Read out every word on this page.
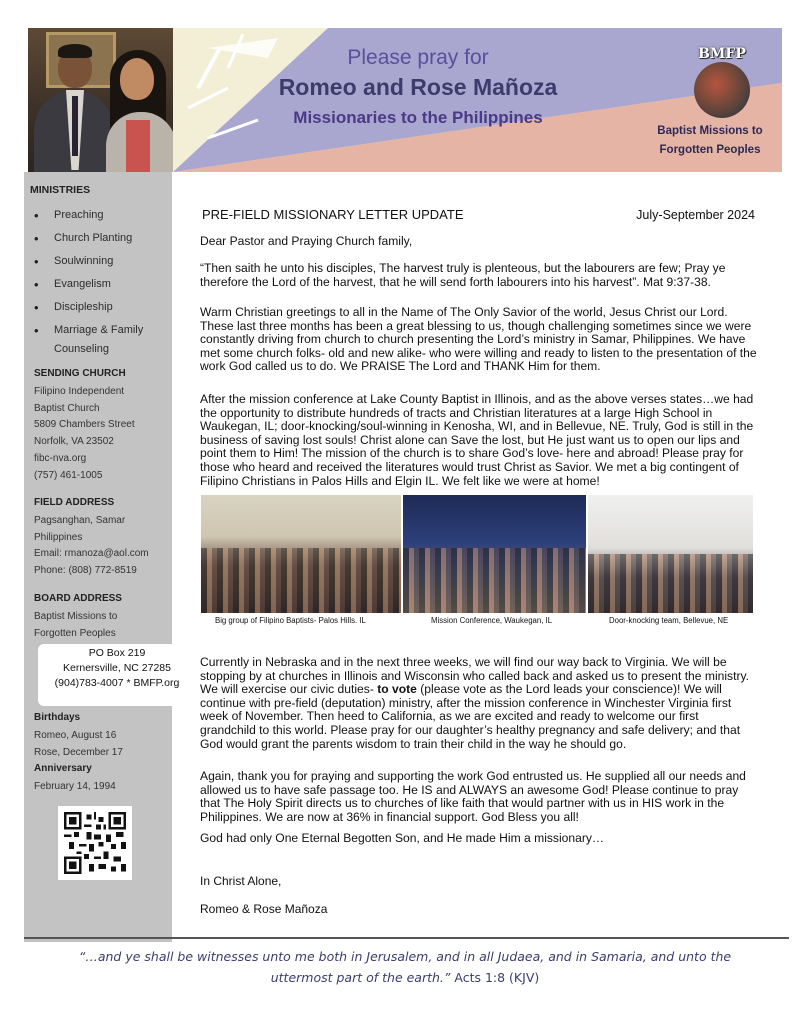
Please pray for
Romeo and Rose Mañoza
Missionaries to the Philippines
BMFP
Baptist Missions to
Forgotten Peoples
MINISTRIES
• Preaching
• Church Planting
• Soulwinning
• Evangelism
• Discipleship
• Marriage & Family Counseling
SENDING CHURCH
Filipino Independent
Baptist Church
5809 Chambers Street
Norfolk, VA 23502
fibc-nva.org
(757) 461-1005
FIELD ADDRESS
Pagsanghan, Samar
Philippines
Email: rmanoza@aol.com
Phone: (808) 772-8519
BOARD ADDRESS
Baptist Missions to
Forgotten Peoples
PO Box 219
Kernersville, NC 27285
(904)783-4007 * BMFP.org
Birthdays
Romeo, August 16
Rose, December 17
Anniversary
February 14, 1994
PRE-FIELD MISSIONARY LETTER UPDATE	July-September 2024
Dear Pastor and Praying Church family,
“Then saith he unto his disciples, The harvest truly is plenteous, but the labourers are few; Pray ye therefore the Lord of the harvest, that he will send forth labourers into his harvest”. Mat 9:37-38.
Warm Christian greetings to all in the Name of The Only Savior of the world, Jesus Christ our Lord. These last three months has been a great blessing to us, though challenging sometimes since we were constantly driving from church to church presenting the Lord’s ministry in Samar, Philippines. We have met some church folks- old and new alike- who were willing and ready to listen to the presentation of the work God called us to do. We PRAISE The Lord and THANK Him for them.
After the mission conference at Lake County Baptist in Illinois, and as the above verses states…we had the opportunity to distribute hundreds of tracts and Christian literatures at a large High School in Waukegan, IL; door-knocking/soul-winning in Kenosha, WI, and in Bellevue, NE. Truly, God is still in the business of saving lost souls! Christ alone can Save the lost, but He just want us to open our lips and point them to Him! The mission of the church is to share God’s love- here and abroad! Please pray for those who heard and received the literatures would trust Christ as Savior. We met a big contingent of Filipino Christians in Palos Hills and Elgin IL. We felt like we were at home!
Big group of Filipino Baptists- Palos Hills. IL	Mission Conference, Waukegan, IL	Door-knocking team, Bellevue, NE
Currently in Nebraska and in the next three weeks, we will find our way back to Virginia. We will be stopping by at churches in Illinois and Wisconsin who called back and asked us to present the ministry. We will exercise our civic duties- to vote (please vote as the Lord leads your conscience)! We will continue with pre-field (deputation) ministry, after the mission conference in Winchester Virginia first week of November. Then heed to California, as we are excited and ready to welcome our first grandchild to this world. Please pray for our daughter’s healthy pregnancy and safe delivery; and that God would grant the parents wisdom to train their child in the way he should go.
Again, thank you for praying and supporting the work God entrusted us. He supplied all our needs and allowed us to have safe passage too. He IS and ALWAYS an awesome God! Please continue to pray that The Holy Spirit directs us to churches of like faith that would partner with us in HIS work in the Philippines. We are now at 36% in financial support. God Bless you all!
God had only One Eternal Begotten Son, and He made Him a missionary…
In Christ Alone,
Romeo & Rose Mañoza
“…and ye shall be witnesses unto me both in Jerusalem, and in all Judaea, and in Samaria, and unto the uttermost part of the earth.” Acts 1:8 (KJV)
